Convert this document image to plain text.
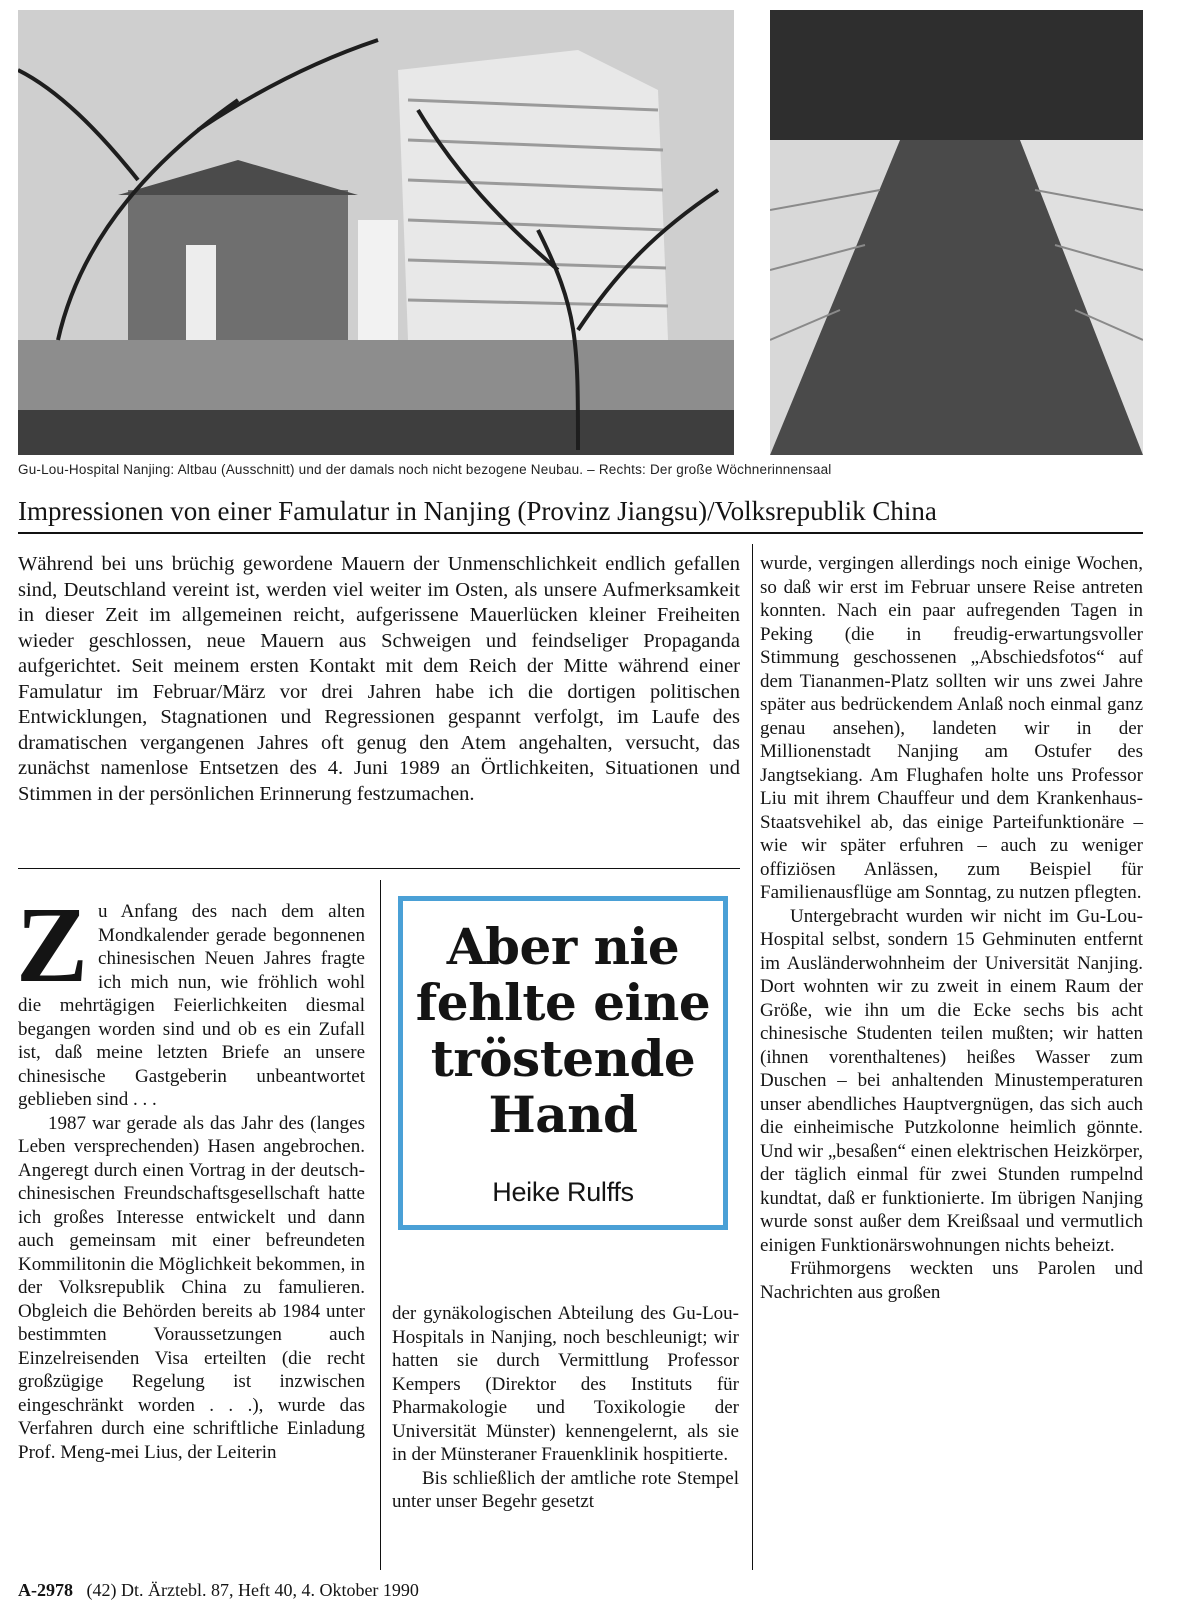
Gu-Lou-Hospital Nanjing: Altbau (Ausschnitt) und der damals noch nicht bezogene Neubau. – Rechts: Der große Wöchnerinnensaal
Impressionen von einer Famulatur in Nanjing (Provinz Jiangsu)/Volksrepublik China

Während bei uns brüchig gewordene Mauern der Unmenschlichkeit endlich gefallen sind, Deutschland vereint ist, werden viel weiter im Osten, als unsere Aufmerksamkeit in dieser Zeit im allgemeinen reicht, aufgerissene Mauerlücken kleiner Freiheiten wieder geschlossen, neue Mauern aus Schweigen und feindseliger Propaganda aufgerichtet. Seit meinem ersten Kontakt mit dem Reich der Mitte während einer Famulatur im Februar/März vor drei Jahren habe ich die dortigen politischen Entwicklungen, Stagnationen und Regressionen gespannt verfolgt, im Laufe des dramatischen vergangenen Jahres oft genug den Atem angehalten, versucht, das zunächst namenlose Entsetzen des 4. Juni 1989 an Örtlichkeiten, Situationen und Stimmen in der persönlichen Erinnerung festzumachen.

Zu Anfang des nach dem alten Mondkalender gerade begonnenen chinesischen Neuen Jahres fragte ich mich nun, wie fröhlich wohl die mehrtägigen Feierlichkeiten diesmal begangen worden sind und ob es ein Zufall ist, daß meine letzten Briefe an unsere chinesische Gastgeberin unbeantwortet geblieben sind . . .

1987 war gerade als das Jahr des (langes Leben versprechenden) Hasen angebrochen. Angeregt durch einen Vortrag in der deutsch-chinesischen Freundschaftsgesellschaft hatte ich großes Interesse entwickelt und dann auch gemeinsam mit einer befreundeten Kommilitonin die Möglichkeit bekommen, in der Volksrepublik China zu famulieren. Obgleich die Behörden bereits ab 1984 unter bestimmten Voraussetzungen auch Einzelreisenden Visa erteilten (die recht großzügige Regelung ist inzwischen eingeschränkt worden . . .), wurde das Verfahren durch eine schriftliche Einladung Prof. Meng-mei Lius, der Leiterin

Aber nie fehlte eine tröstende Hand
Heike Rulffs

der gynäkologischen Abteilung des Gu-Lou-Hospitals in Nanjing, noch beschleunigt; wir hatten sie durch Vermittlung Professor Kempers (Direktor des Instituts für Pharmakologie und Toxikologie der Universität Münster) kennengelernt, als sie in der Münsteraner Frauenklinik hospitierte.

Bis schließlich der amtliche rote Stempel unter unser Begehr gesetzt

wurde, vergingen allerdings noch einige Wochen, so daß wir erst im Februar unsere Reise antreten konnten. Nach ein paar aufregenden Tagen in Peking (die in freudig-erwartungsvoller Stimmung geschossenen „Abschiedsfotos“ auf dem Tiananmen-Platz sollten wir uns zwei Jahre später aus bedrückendem Anlaß noch einmal ganz genau ansehen), landeten wir in der Millionenstadt Nanjing am Ostufer des Jangtsekiang. Am Flughafen holte uns Professor Liu mit ihrem Chauffeur und dem Krankenhaus-Staatsvehikel ab, das einige Parteifunktionäre – wie wir später erfuhren – auch zu weniger offiziösen Anlässen, zum Beispiel für Familienausflüge am Sonntag, zu nutzen pflegten.

Untergebracht wurden wir nicht im Gu-Lou-Hospital selbst, sondern 15 Gehminuten entfernt im Ausländerwohnheim der Universität Nanjing. Dort wohnten wir zu zweit in einem Raum der Größe, wie ihn um die Ecke sechs bis acht chinesische Studenten teilen mußten; wir hatten (ihnen vorenthaltenes) heißes Wasser zum Duschen – bei anhaltenden Minustemperaturen unser abendliches Hauptvergnügen, das sich auch die einheimische Putzkolonne heimlich gönnte. Und wir „besaßen“ einen elektrischen Heizkörper, der täglich einmal für zwei Stunden rumpelnd kundtat, daß er funktionierte. Im übrigen Nanjing wurde sonst außer dem Kreißsaal und vermutlich einigen Funktionärswohnungen nichts beheizt.

Frühmorgens weckten uns Parolen und Nachrichten aus großen

A-2978 (42) Dt. Ärztebl. 87, Heft 40, 4. Oktober 1990
